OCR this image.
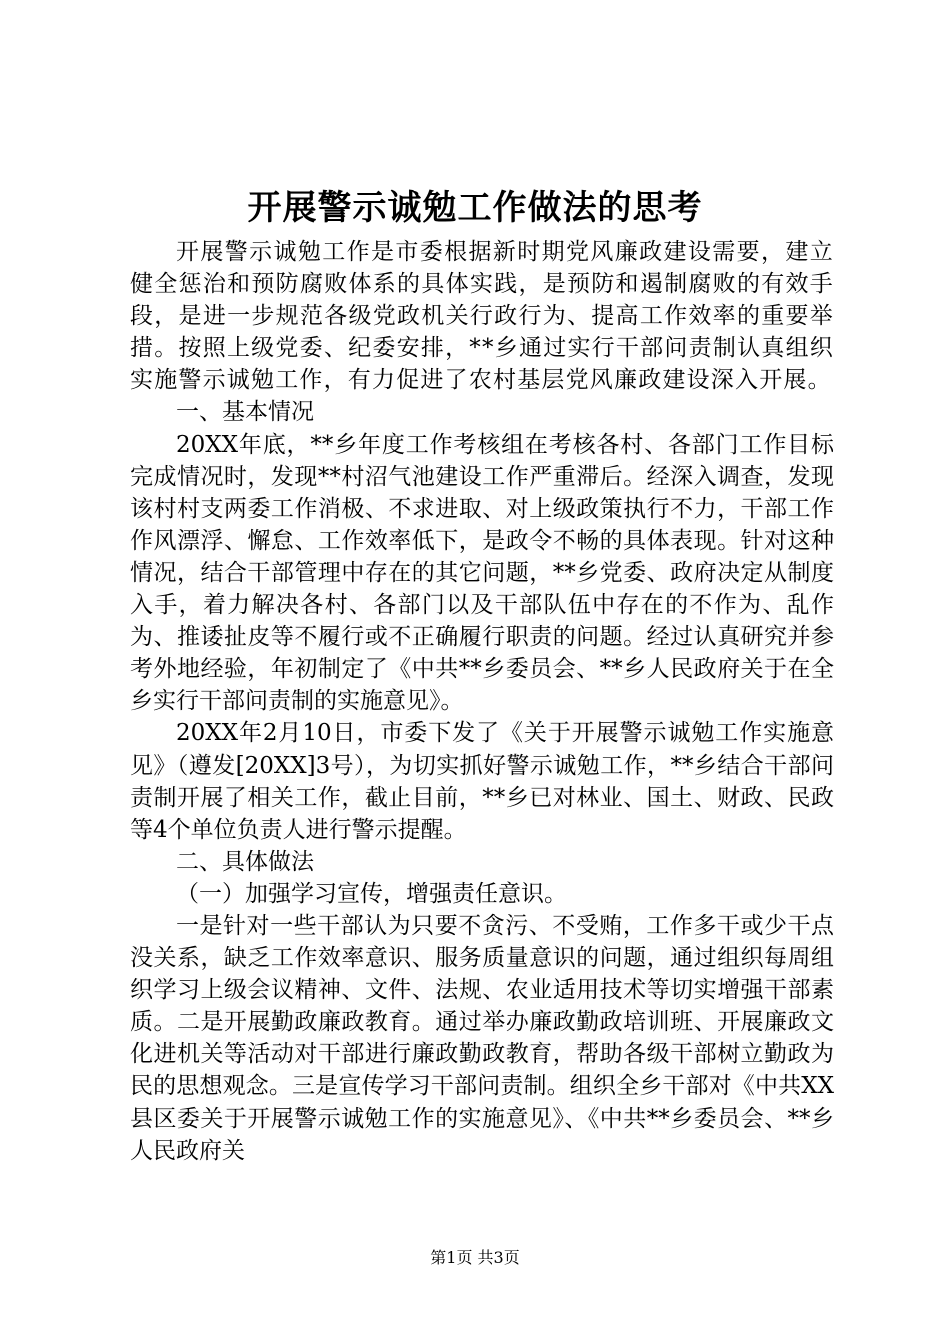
开展警示诚勉工作做法的思考

开展警示诚勉工作是市委根据新时期党风廉政建设需要，建立健全惩治和预防腐败体系的具体实践，是预防和遏制腐败的有效手段，是进一步规范各级党政机关行政行为、提高工作效率的重要举措。按照上级党委、纪委安排，**乡通过实行干部问责制认真组织实施警示诚勉工作，有力促进了农村基层党风廉政建设深入开展。

一、基本情况

20XX年底，**乡年度工作考核组在考核各村、各部门工作目标完成情况时，发现**村沼气池建设工作严重滞后。经深入调查，发现该村村支两委工作消极、不求进取、对上级政策执行不力，干部工作作风漂浮、懈怠、工作效率低下，是政令不畅的具体表现。针对这种情况，结合干部管理中存在的其它问题，**乡党委、政府决定从制度入手，着力解决各村、各部门以及干部队伍中存在的不作为、乱作为、推诿扯皮等不履行或不正确履行职责的问题。经过认真研究并参考外地经验，年初制定了《中共**乡委员会、**乡人民政府关于在全乡实行干部问责制的实施意见》。

20XX年2月10日，市委下发了《关于开展警示诚勉工作实施意见》（遵发[20XX]3号），为切实抓好警示诚勉工作，**乡结合干部问责制开展了相关工作，截止目前，**乡已对林业、国土、财政、民政等4个单位负责人进行警示提醒。

二、具体做法
（一）加强学习宣传，增强责任意识。

一是针对一些干部认为只要不贪污、不受贿，工作多干或少干点没关系，缺乏工作效率意识、服务质量意识的问题，通过组织每周组织学习上级会议精神、文件、法规、农业适用技术等切实增强干部素质。二是开展勤政廉政教育。通过举办廉政勤政培训班、开展廉政文化进机关等活动对干部进行廉政勤政教育，帮助各级干部树立勤政为民的思想观念。三是宣传学习干部问责制。组织全乡干部对《中共XX县区委关于开展警示诚勉工作的实施意见》、《中共**乡委员会、**乡人民政府关

第1页 共3页
